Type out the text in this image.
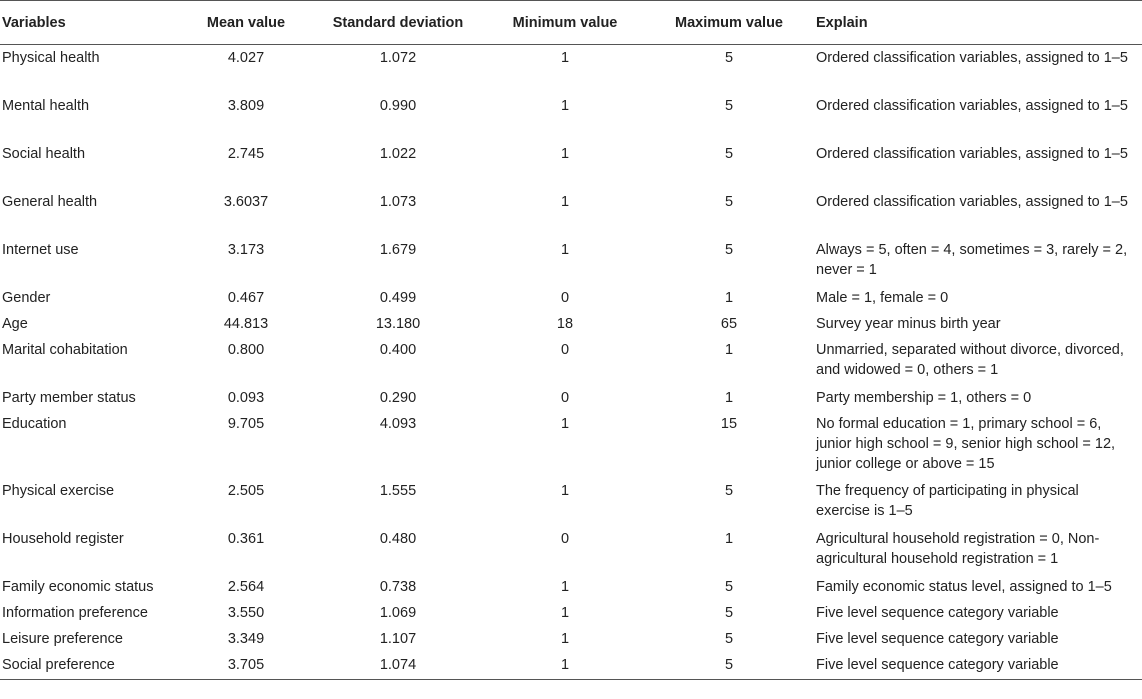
Variables	Mean value	Standard deviation	Minimum value	Maximum value	Explain
Physical health	4.027	1.072	1	5	Ordered classification variables, assigned to 1–5
Mental health	3.809	0.990	1	5	Ordered classification variables, assigned to 1–5
Social health	2.745	1.022	1	5	Ordered classification variables, assigned to 1–5
General health	3.6037	1.073	1	5	Ordered classification variables, assigned to 1–5
Internet use	3.173	1.679	1	5	Always = 5, often = 4, sometimes = 3, rarely = 2, never = 1
Gender	0.467	0.499	0	1	Male = 1, female = 0
Age	44.813	13.180	18	65	Survey year minus birth year
Marital cohabitation	0.800	0.400	0	1	Unmarried, separated without divorce, divorced, and widowed = 0, others = 1
Party member status	0.093	0.290	0	1	Party membership = 1, others = 0
Education	9.705	4.093	1	15	No formal education = 1, primary school = 6, junior high school = 9, senior high school = 12, junior college or above = 15
Physical exercise	2.505	1.555	1	5	The frequency of participating in physical exercise is 1–5
Household register	0.361	0.480	0	1	Agricultural household registration = 0, Non-agricultural household registration = 1
Family economic status	2.564	0.738	1	5	Family economic status level, assigned to 1–5
Information preference	3.550	1.069	1	5	Five level sequence category variable
Leisure preference	3.349	1.107	1	5	Five level sequence category variable
Social preference	3.705	1.074	1	5	Five level sequence category variable
